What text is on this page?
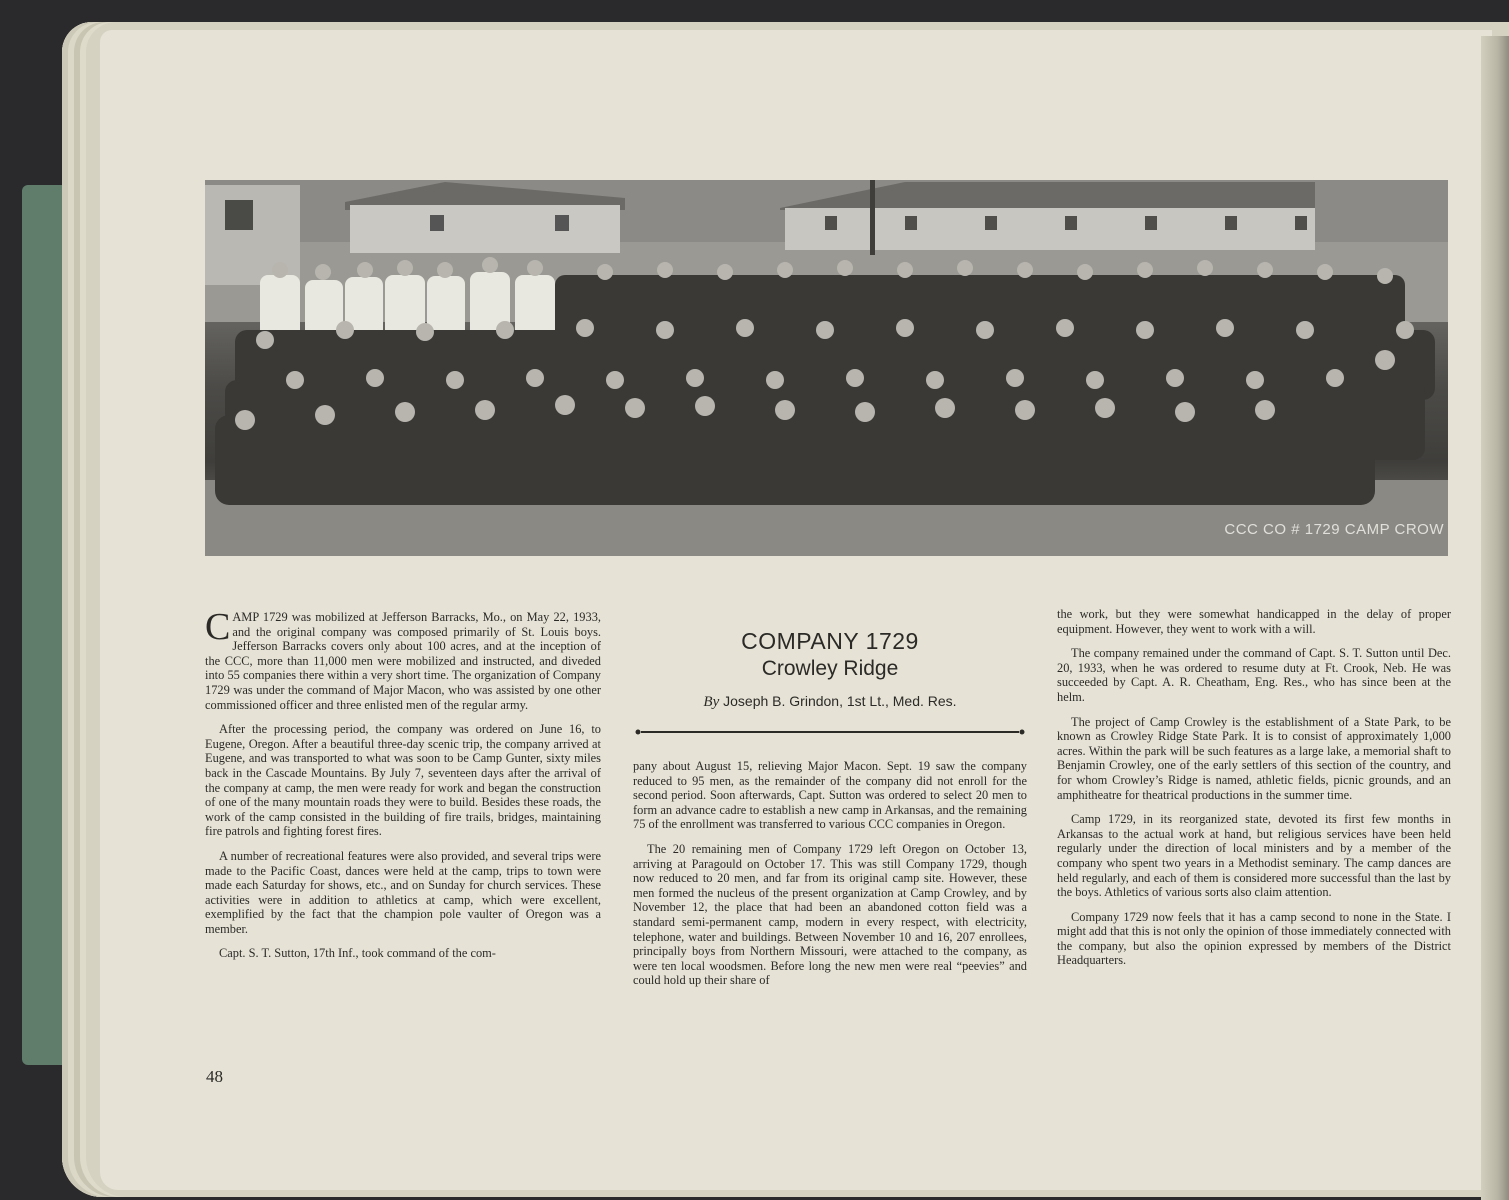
CCC CO # 1729 CAMP CROW

CAMP 1729 was mobilized at Jefferson Barracks, Mo., on May 22, 1933, and the original company was composed primarily of St. Louis boys. Jefferson Barracks covers only about 100 acres, and at the inception of the CCC, more than 11,000 men were mobilized and instructed, and diveded into 55 companies there within a very short time. The organization of Company 1729 was under the command of Major Macon, who was assisted by one other commissioned officer and three enlisted men of the regular army.

After the processing period, the company was ordered on June 16, to Eugene, Oregon. After a beautiful three-day scenic trip, the company arrived at Eugene, and was transported to what was soon to be Camp Gunter, sixty miles back in the Cascade Mountains. By July 7, seventeen days after the arrival of the company at camp, the men were ready for work and began the construction of one of the many mountain roads they were to build. Besides these roads, the work of the camp consisted in the building of fire trails, bridges, maintaining fire patrols and fighting forest fires.

A number of recreational features were also provided, and several trips were made to the Pacific Coast, dances were held at the camp, trips to town were made each Saturday for shows, etc., and on Sunday for church services. These activities were in addition to athletics at camp, which were excellent, exemplified by the fact that the champion pole vaulter of Oregon was a member.

Capt. S. T. Sutton, 17th Inf., took command of the com-

COMPANY 1729
Crowley Ridge
By Joseph B. Grindon, 1st Lt., Med. Res.

pany about August 15, relieving Major Macon. Sept. 19 saw the company reduced to 95 men, as the remainder of the company did not enroll for the second period. Soon afterwards, Capt. Sutton was ordered to select 20 men to form an advance cadre to establish a new camp in Arkansas, and the remaining 75 of the enrollment was transferred to various CCC companies in Oregon.

The 20 remaining men of Company 1729 left Oregon on October 13, arriving at Paragould on October 17. This was still Company 1729, though now reduced to 20 men, and far from its original camp site. However, these men formed the nucleus of the present organization at Camp Crowley, and by November 12, the place that had been an abandoned cotton field was a standard semi-permanent camp, modern in every respect, with electricity, telephone, water and buildings. Between November 10 and 16, 207 enrollees, principally boys from Northern Missouri, were attached to the company, as were ten local woodsmen. Before long the new men were real “peevies” and could hold up their share of

the work, but they were somewhat handicapped in the delay of proper equipment. However, they went to work with a will.

The company remained under the command of Capt. S. T. Sutton until Dec. 20, 1933, when he was ordered to resume duty at Ft. Crook, Neb. He was succeeded by Capt. A. R. Cheatham, Eng. Res., who has since been at the helm.

The project of Camp Crowley is the establishment of a State Park, to be known as Crowley Ridge State Park. It is to consist of approximately 1,000 acres. Within the park will be such features as a large lake, a memorial shaft to Benjamin Crowley, one of the early settlers of this section of the country, and for whom Crowley’s Ridge is named, athletic fields, picnic grounds, and an amphitheatre for theatrical productions in the summer time.

Camp 1729, in its reorganized state, devoted its first few months in Arkansas to the actual work at hand, but religious services have been held regularly under the direction of local ministers and by a member of the company who spent two years in a Methodist seminary. The camp dances are held regularly, and each of them is considered more successful than the last by the boys. Athletics of various sorts also claim attention.

Company 1729 now feels that it has a camp second to none in the State. I might add that this is not only the opinion of those immediately connected with the company, but also the opinion expressed by members of the District Headquarters.

48
